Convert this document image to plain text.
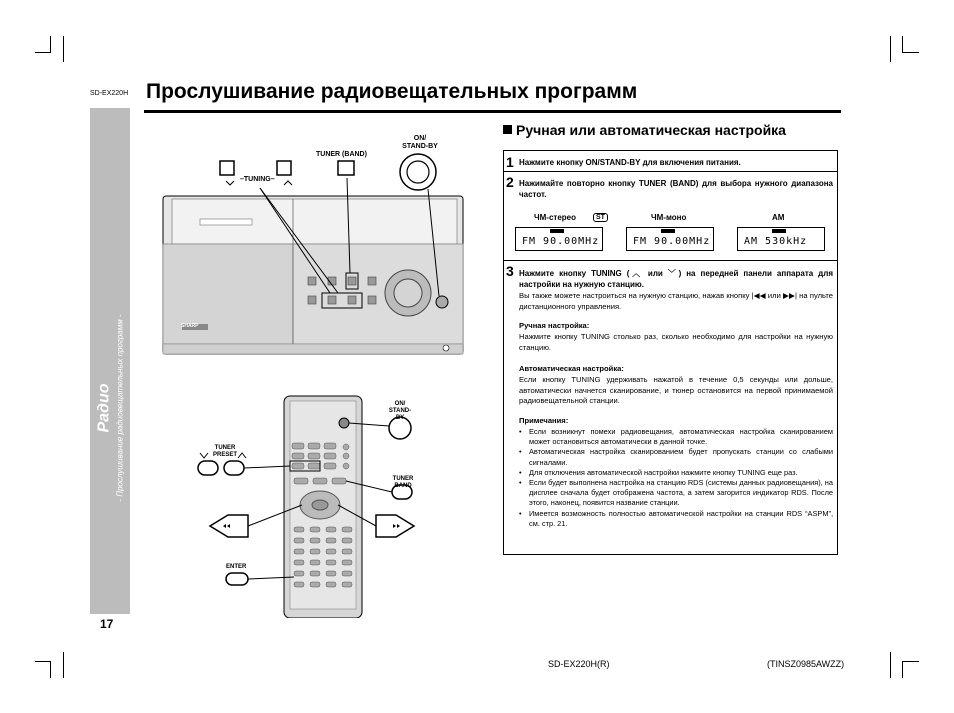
SD-EX220H Прослушивание радиовещательных программ
Радио - Прослушивание радиовещательных программ -
17
–TUNING–
TUNER (BAND)
ON/ STAND-BY
SHARP
ON/ STAND-BY
TUNER PRESET
TUNER BAND
ENTER
Ручная или автоматическая настройка
1 Нажмите кнопку ON/STAND-BY для включения питания.
2 Нажимайте повторно кнопку TUNER (BAND) для выбора нужного диапазона частот.
ЧМ-стерео	ST	ЧМ-моно	AM
FM 90.00MHz	FM 90.00MHz	AM 530kHz
3 Нажмите кнопку TUNING (︿ или ﹀) на передней панели аппарата для настройки на нужную станцию.
Вы также можете настроиться на нужную станцию, нажав кнопку |◀◀ или ▶▶| на пульте дистанционного управления.
Ручная настройка:
Нажмите кнопку TUNING столько раз, сколько необходимо для настройки на нужную станцию.
Автоматическая настройка:
Если кнопку TUNING удерживать нажатой в течение 0,5 секунды или дольше, автоматически начнется сканирование, и тюнер остановится на первой принимаемой радиовещательной станции.
Примечания:
• Если возникнут помехи радиовещания, автоматическая настройка сканированием может остановиться автоматически в данной точке.
• Автоматическая настройка сканированием будет пропускать станции со слабыми сигналами.
• Для отключения автоматической настройки нажмите кнопку TUNING еще раз.
• Если будет выполнена настройка на станцию RDS (системы данных радиовещания), на дисплее сначала будет отображена частота, а затем загорится индикатор RDS. После этого, наконец, появится название станции.
• Имеется возможность полностью автоматической настройки на станции RDS “ASPM”, см. стр. 21.
SD-EX220H(R)	(TINSZ0985AWZZ)
